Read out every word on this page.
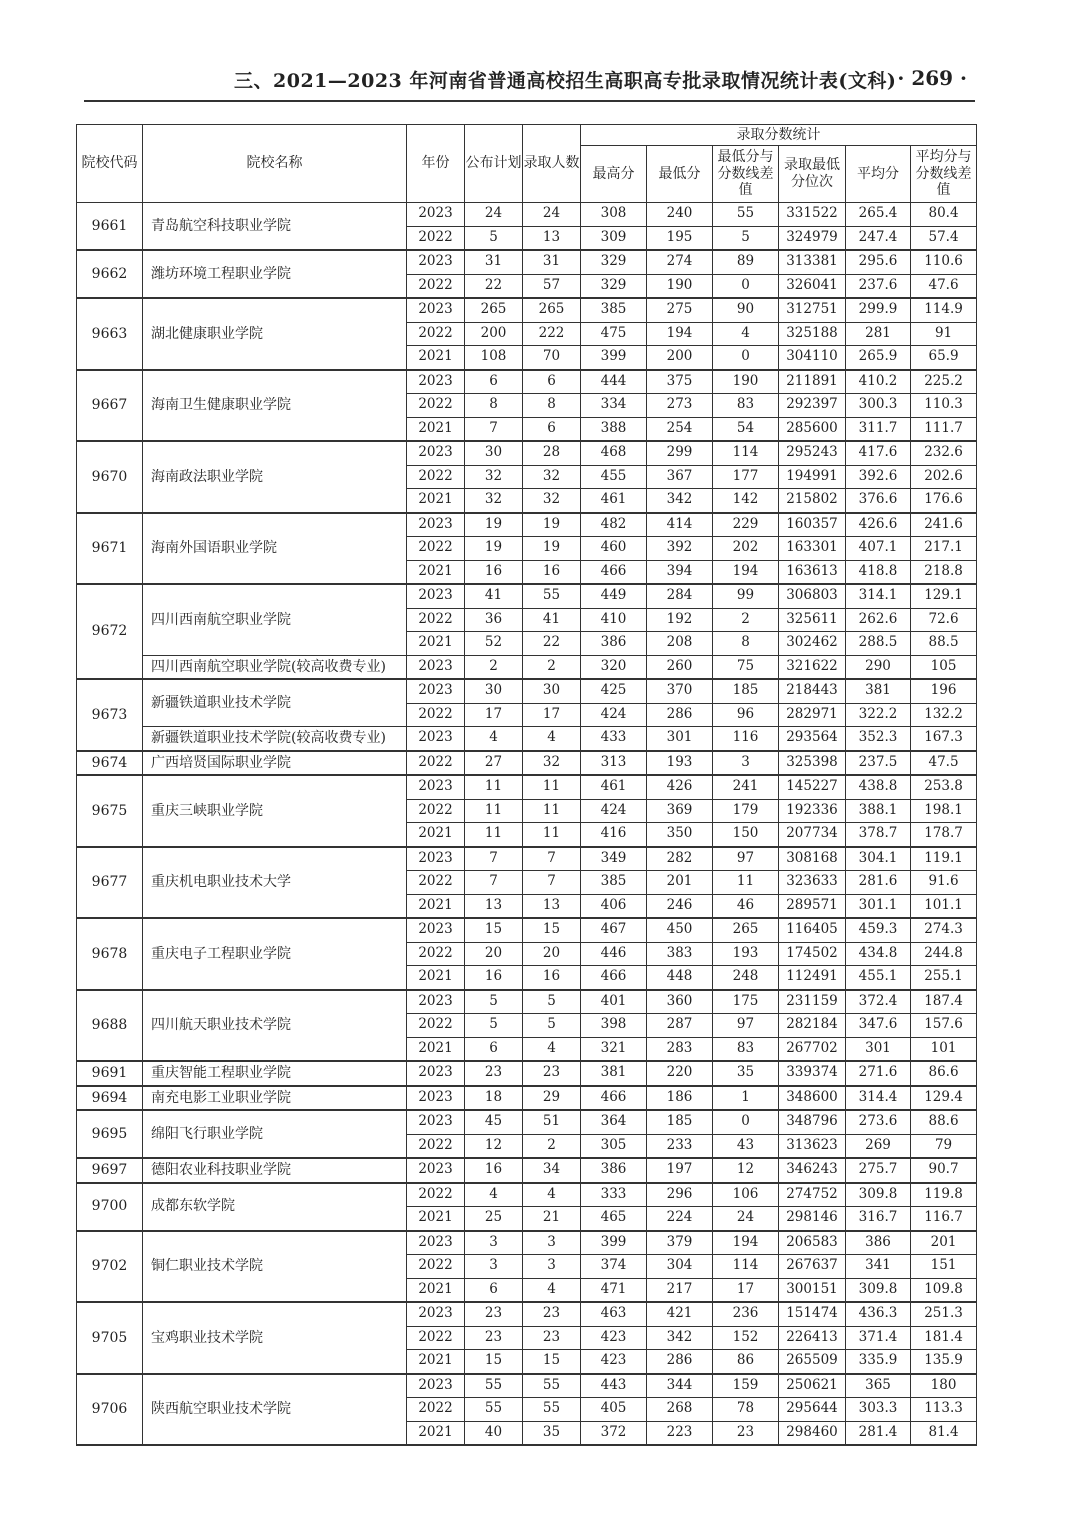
三、2021—2023 年河南省普通高校招生高职高专批录取情况统计表(文科) · 269 ·
院校代码	院校名称	年份	公布计划	录取人数	录取分数统计					
					最高分	最低分	最低分与分数线差值	录取最低分位次	平均分	平均分与分数线差值
9661	青岛航空科技职业学院	2023	24	24	308	240	55	331522	265.4	80.4
		2022	5	13	309	195	5	324979	247.4	57.4
9662	潍坊环境工程职业学院	2023	31	31	329	274	89	313381	295.6	110.6
		2022	22	57	329	190	0	326041	237.6	47.6
9663	湖北健康职业学院	2023	265	265	385	275	90	312751	299.9	114.9
		2022	200	222	475	194	4	325188	281	91
		2021	108	70	399	200	0	304110	265.9	65.9
9667	海南卫生健康职业学院	2023	6	6	444	375	190	211891	410.2	225.2
		2022	8	8	334	273	83	292397	300.3	110.3
		2021	7	6	388	254	54	285600	311.7	111.7
9670	海南政法职业学院	2023	30	28	468	299	114	295243	417.6	232.6
		2022	32	32	455	367	177	194991	392.6	202.6
		2021	32	32	461	342	142	215802	376.6	176.6
9671	海南外国语职业学院	2023	19	19	482	414	229	160357	426.6	241.6
		2022	19	19	460	392	202	163301	407.1	217.1
		2021	16	16	466	394	194	163613	418.8	218.8
9672	四川西南航空职业学院	2023	41	55	449	284	99	306803	314.1	129.1
		2022	36	41	410	192	2	325611	262.6	72.6
		2021	52	22	386	208	8	302462	288.5	88.5
	四川西南航空职业学院(较高收费专业)	2023	2	2	320	260	75	321622	290	105
9673	新疆铁道职业技术学院	2023	30	30	425	370	185	218443	381	196
		2022	17	17	424	286	96	282971	322.2	132.2
	新疆铁道职业技术学院(较高收费专业)	2023	4	4	433	301	116	293564	352.3	167.3
9674	广西培贤国际职业学院	2022	27	32	313	193	3	325398	237.5	47.5
9675	重庆三峡职业学院	2023	11	11	461	426	241	145227	438.8	253.8
		2022	11	11	424	369	179	192336	388.1	198.1
		2021	11	11	416	350	150	207734	378.7	178.7
9677	重庆机电职业技术大学	2023	7	7	349	282	97	308168	304.1	119.1
		2022	7	7	385	201	11	323633	281.6	91.6
		2021	13	13	406	246	46	289571	301.1	101.1
9678	重庆电子工程职业学院	2023	15	15	467	450	265	116405	459.3	274.3
		2022	20	20	446	383	193	174502	434.8	244.8
		2021	16	16	466	448	248	112491	455.1	255.1
9688	四川航天职业技术学院	2023	5	5	401	360	175	231159	372.4	187.4
		2022	5	5	398	287	97	282184	347.6	157.6
		2021	6	4	321	283	83	267702	301	101
9691	重庆智能工程职业学院	2023	23	23	381	220	35	339374	271.6	86.6
9694	南充电影工业职业学院	2023	18	29	466	186	1	348600	314.4	129.4
9695	绵阳飞行职业学院	2023	45	51	364	185	0	348796	273.6	88.6
		2022	12	2	305	233	43	313623	269	79
9697	德阳农业科技职业学院	2023	16	34	386	197	12	346243	275.7	90.7
9700	成都东软学院	2022	4	4	333	296	106	274752	309.8	119.8
		2021	25	21	465	224	24	298146	316.7	116.7
9702	铜仁职业技术学院	2023	3	3	399	379	194	206583	386	201
		2022	3	3	374	304	114	267637	341	151
		2021	6	4	471	217	17	300151	309.8	109.8
9705	宝鸡职业技术学院	2023	23	23	463	421	236	151474	436.3	251.3
		2022	23	23	423	342	152	226413	371.4	181.4
		2021	15	15	423	286	86	265509	335.9	135.9
9706	陕西航空职业技术学院	2023	55	55	443	344	159	250621	365	180
		2022	55	55	405	268	78	295644	303.3	113.3
		2021	40	35	372	223	23	298460	281.4	81.4
